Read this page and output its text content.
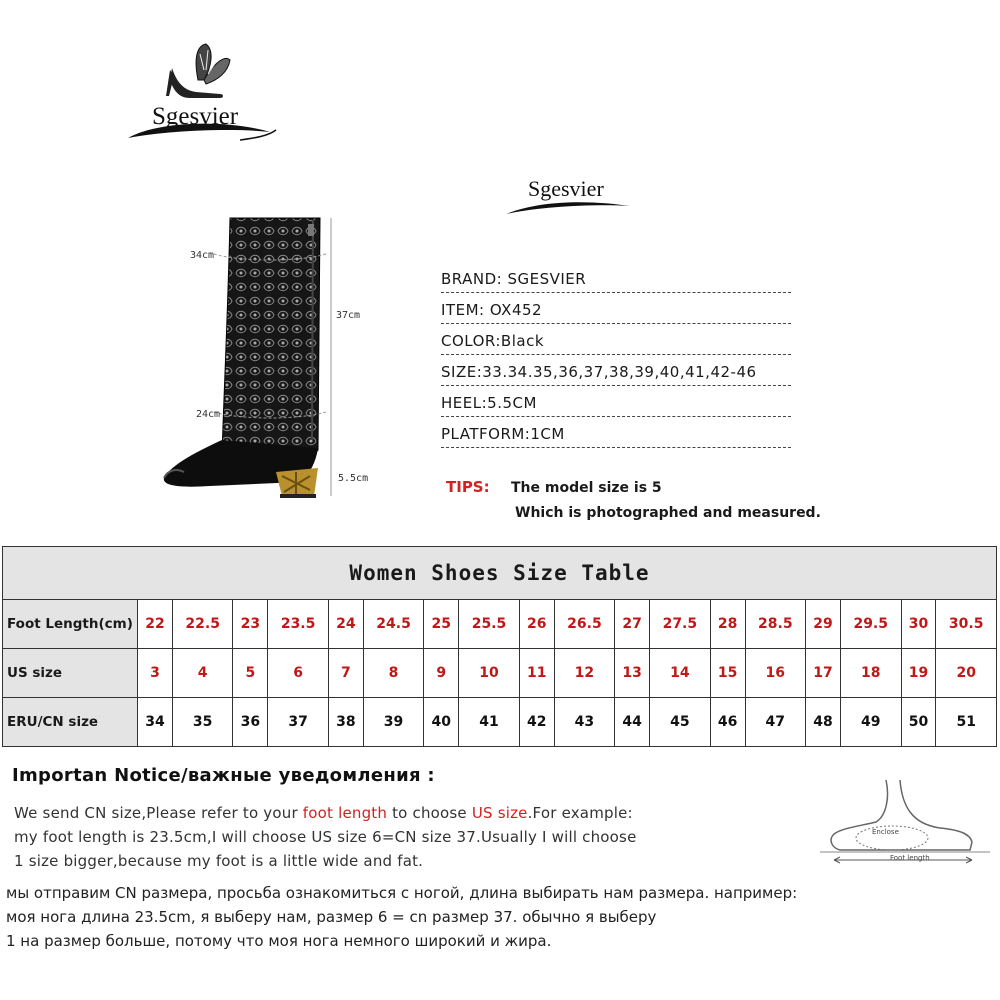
Sgesvier
34cm
37cm
24cm
5.5cm
Sgesvier
BRAND: SGESVIER
ITEM: OX452
COLOR:Black
SIZE:33.34.35,36,37,38,39,40,41,42-46
HEEL:5.5CM
PLATFORM:1CM
TIPS: The model size is 5
Which is photographed and measured.
Women Shoes Size Table																		
Foot Length(cm)	22	22.5	23	23.5	24	24.5	25	25.5	26	26.5	27	27.5	28	28.5	29	29.5	30	30.5
US size	3	4	5	6	7	8	9	10	11	12	13	14	15	16	17	18	19	20
ERU/CN size	34	35	36	37	38	39	40	41	42	43	44	45	46	47	48	49	50	51
Importan Notice/важные уведомления :
We send CN size,Please refer to your foot length to choose US size.For example:
my foot length is 23.5cm,I will choose US size 6=CN size 37.Usually I will choose
1 size bigger,because my foot is a little wide and fat.
мы отправим CN размера, просьба ознакомиться с ногой, длина выбирать нам размера. например:
моя нога длина 23.5cm, я выберу нам, размер 6 = cn размер 37. обычно я выберу
1 на размер больше, потому что моя нога немного широкий и жира.
Enclose
Foot length
